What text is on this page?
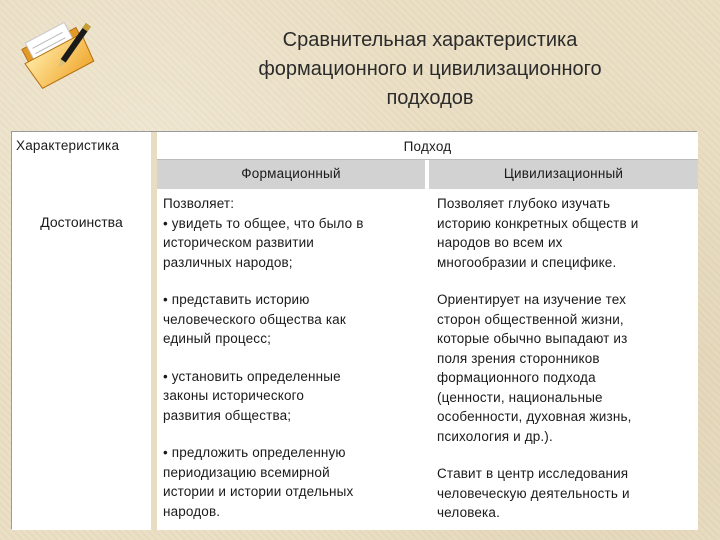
Сравнительная характеристика
формационного и цивилизационного
подходов
Характеристика	Подход
Формационный	Цивилизационный
Достоинства

Позволяет:
• увидеть то общее, что было в
историческом развитии
различных народов;

• представить историю
человеческого общества как
единый процесс;

• установить определенные
законы исторического
развития общества;

• предложить определенную
периодизацию всемирной
истории и истории отдельных
народов.

Позволяет глубоко изучать
историю конкретных обществ и
народов во всем их
многообразии и специфике.

Ориентирует на изучение тех
сторон общественной жизни,
которые обычно выпадают из
поля зрения сторонников
формационного подхода
(ценности, национальные
особенности, духовная жизнь,
психология и др.).

Ставит в центр исследования
человеческую деятельность и
человека.
